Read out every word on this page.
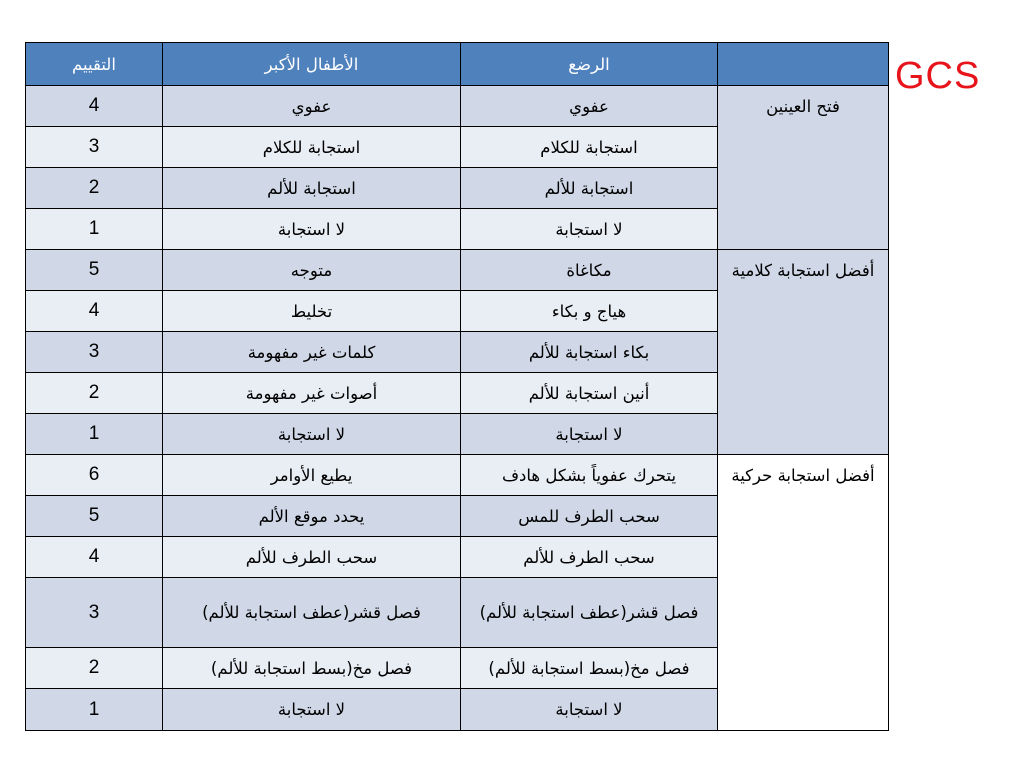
GCS
	الرضع	الأطفال الأكبر	التقييم
فتح العينين	عفوي	عفوي	4
	استجابة للكلام	استجابة للكلام	3
	استجابة للألم	استجابة للألم	2
	لا استجابة	لا استجابة	1
أفضل استجابة كلامية	مكاغاة	متوجه	5
	هياج و بكاء	تخليط	4
	بكاء استجابة للألم	كلمات غير مفهومة	3
	أنين استجابة للألم	أصوات غير مفهومة	2
	لا استجابة	لا استجابة	1
أفضل استجابة حركية	يتحرك عفوياً بشكل هادف	يطيع الأوامر	6
	سحب الطرف للمس	يحدد موقع الألم	5
	سحب الطرف للألم	سحب الطرف للألم	4
	فصل قشر(عطف استجابة للألم)	فصل قشر(عطف استجابة للألم)	3
	فصل مخ(بسط استجابة للألم)	فصل مخ(بسط استجابة للألم)	2
	لا استجابة	لا استجابة	1
